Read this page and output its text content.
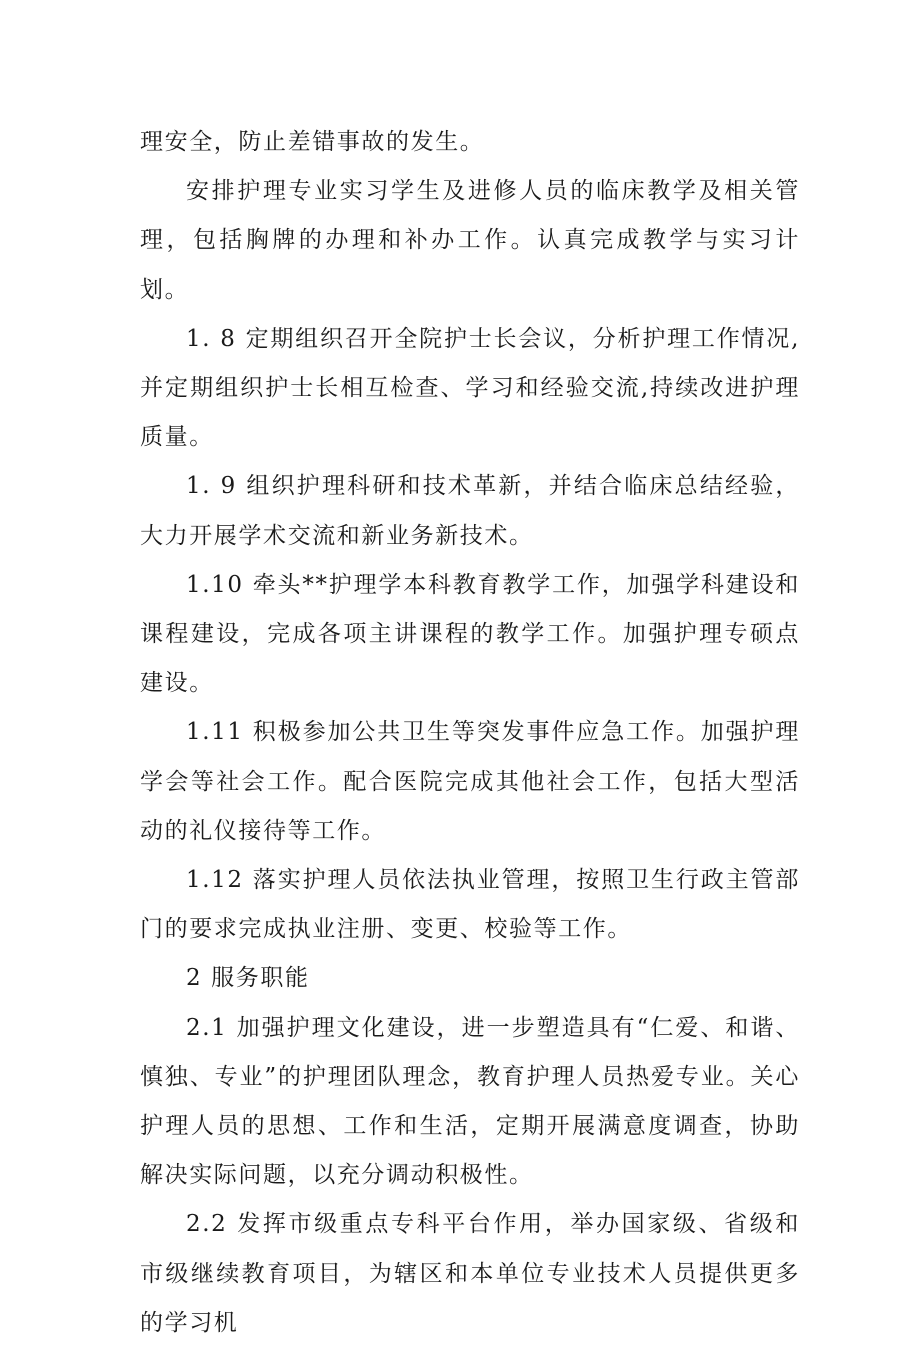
理安全，防止差错事故的发生。

安排护理专业实习学生及进修人员的临床教学及相关管理，包括胸牌的办理和补办工作。认真完成教学与实习计划。

1. 8 定期组织召开全院护士长会议，分析护理工作情况,并定期组织护士长相互检查、学习和经验交流,持续改进护理质量。

1. 9 组织护理科研和技术革新，并结合临床总结经验，大力开展学术交流和新业务新技术。

1.10 牵头**护理学本科教育教学工作，加强学科建设和课程建设，完成各项主讲课程的教学工作。加强护理专硕点建设。

1.11 积极参加公共卫生等突发事件应急工作。加强护理学会等社会工作。配合医院完成其他社会工作，包括大型活动的礼仪接待等工作。

1.12 落实护理人员依法执业管理，按照卫生行政主管部门的要求完成执业注册、变更、校验等工作。

2 服务职能

2.1 加强护理文化建设，进一步塑造具有“仁爱、和谐、慎独、专业”的护理团队理念，教育护理人员热爱专业。关心护理人员的思想、工作和生活，定期开展满意度调查，协助解决实际问题，以充分调动积极性。

2.2 发挥市级重点专科平台作用，举办国家级、省级和市级继续教育项目，为辖区和本单位专业技术人员提供更多的学习机
